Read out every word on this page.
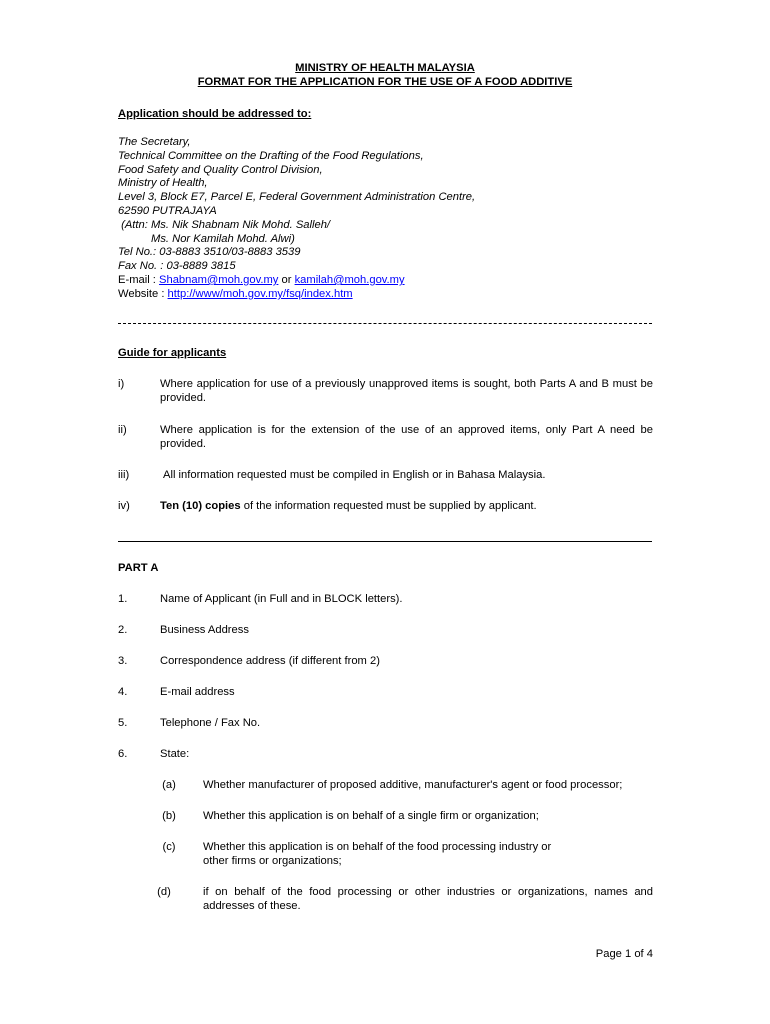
MINISTRY OF HEALTH MALAYSIA
FORMAT FOR THE APPLICATION FOR THE USE OF A FOOD ADDITIVE
Application should be addressed to:
The Secretary,
Technical Committee on the Drafting of the Food Regulations,
Food Safety and Quality Control Division,
Ministry of Health,
Level 3, Block E7, Parcel E, Federal Government Administration Centre,
62590 PUTRAJAYA
(Attn: Ms. Nik Shabnam Nik Mohd. Salleh/
Ms. Nor Kamilah Mohd. Alwi)
Tel No.: 03-8883 3510/03-8883 3539
Fax No. : 03-8889 3815
E-mail : Shabnam@moh.gov.my or kamilah@moh.gov.my
Website : http://www/moh.gov.my/fsq/index.htm
Guide for applicants
i)	Where application for use of a previously unapproved items is sought, both Parts A and B must be provided.
ii)	Where application is for the extension of the use of an approved items, only Part A need be provided.
iii)	All information requested must be compiled in English or in Bahasa Malaysia.
iv)	Ten (10) copies of the information requested must be supplied by applicant.
PART A
1.	Name of Applicant (in Full and in BLOCK letters).
2.	Business Address
3.	Correspondence address (if different from 2)
4.	E-mail address
5.	Telephone / Fax No.
6.	State:
(a)	Whether manufacturer of proposed additive, manufacturer's agent or food processor;
(b)	Whether this application is on behalf of a single firm or organization;
(c)	Whether this application is on behalf of the food processing industry or
other firms or organizations;
(d)	if on behalf of the food processing or other industries or organizations, names and addresses of these.
Page 1 of 4
